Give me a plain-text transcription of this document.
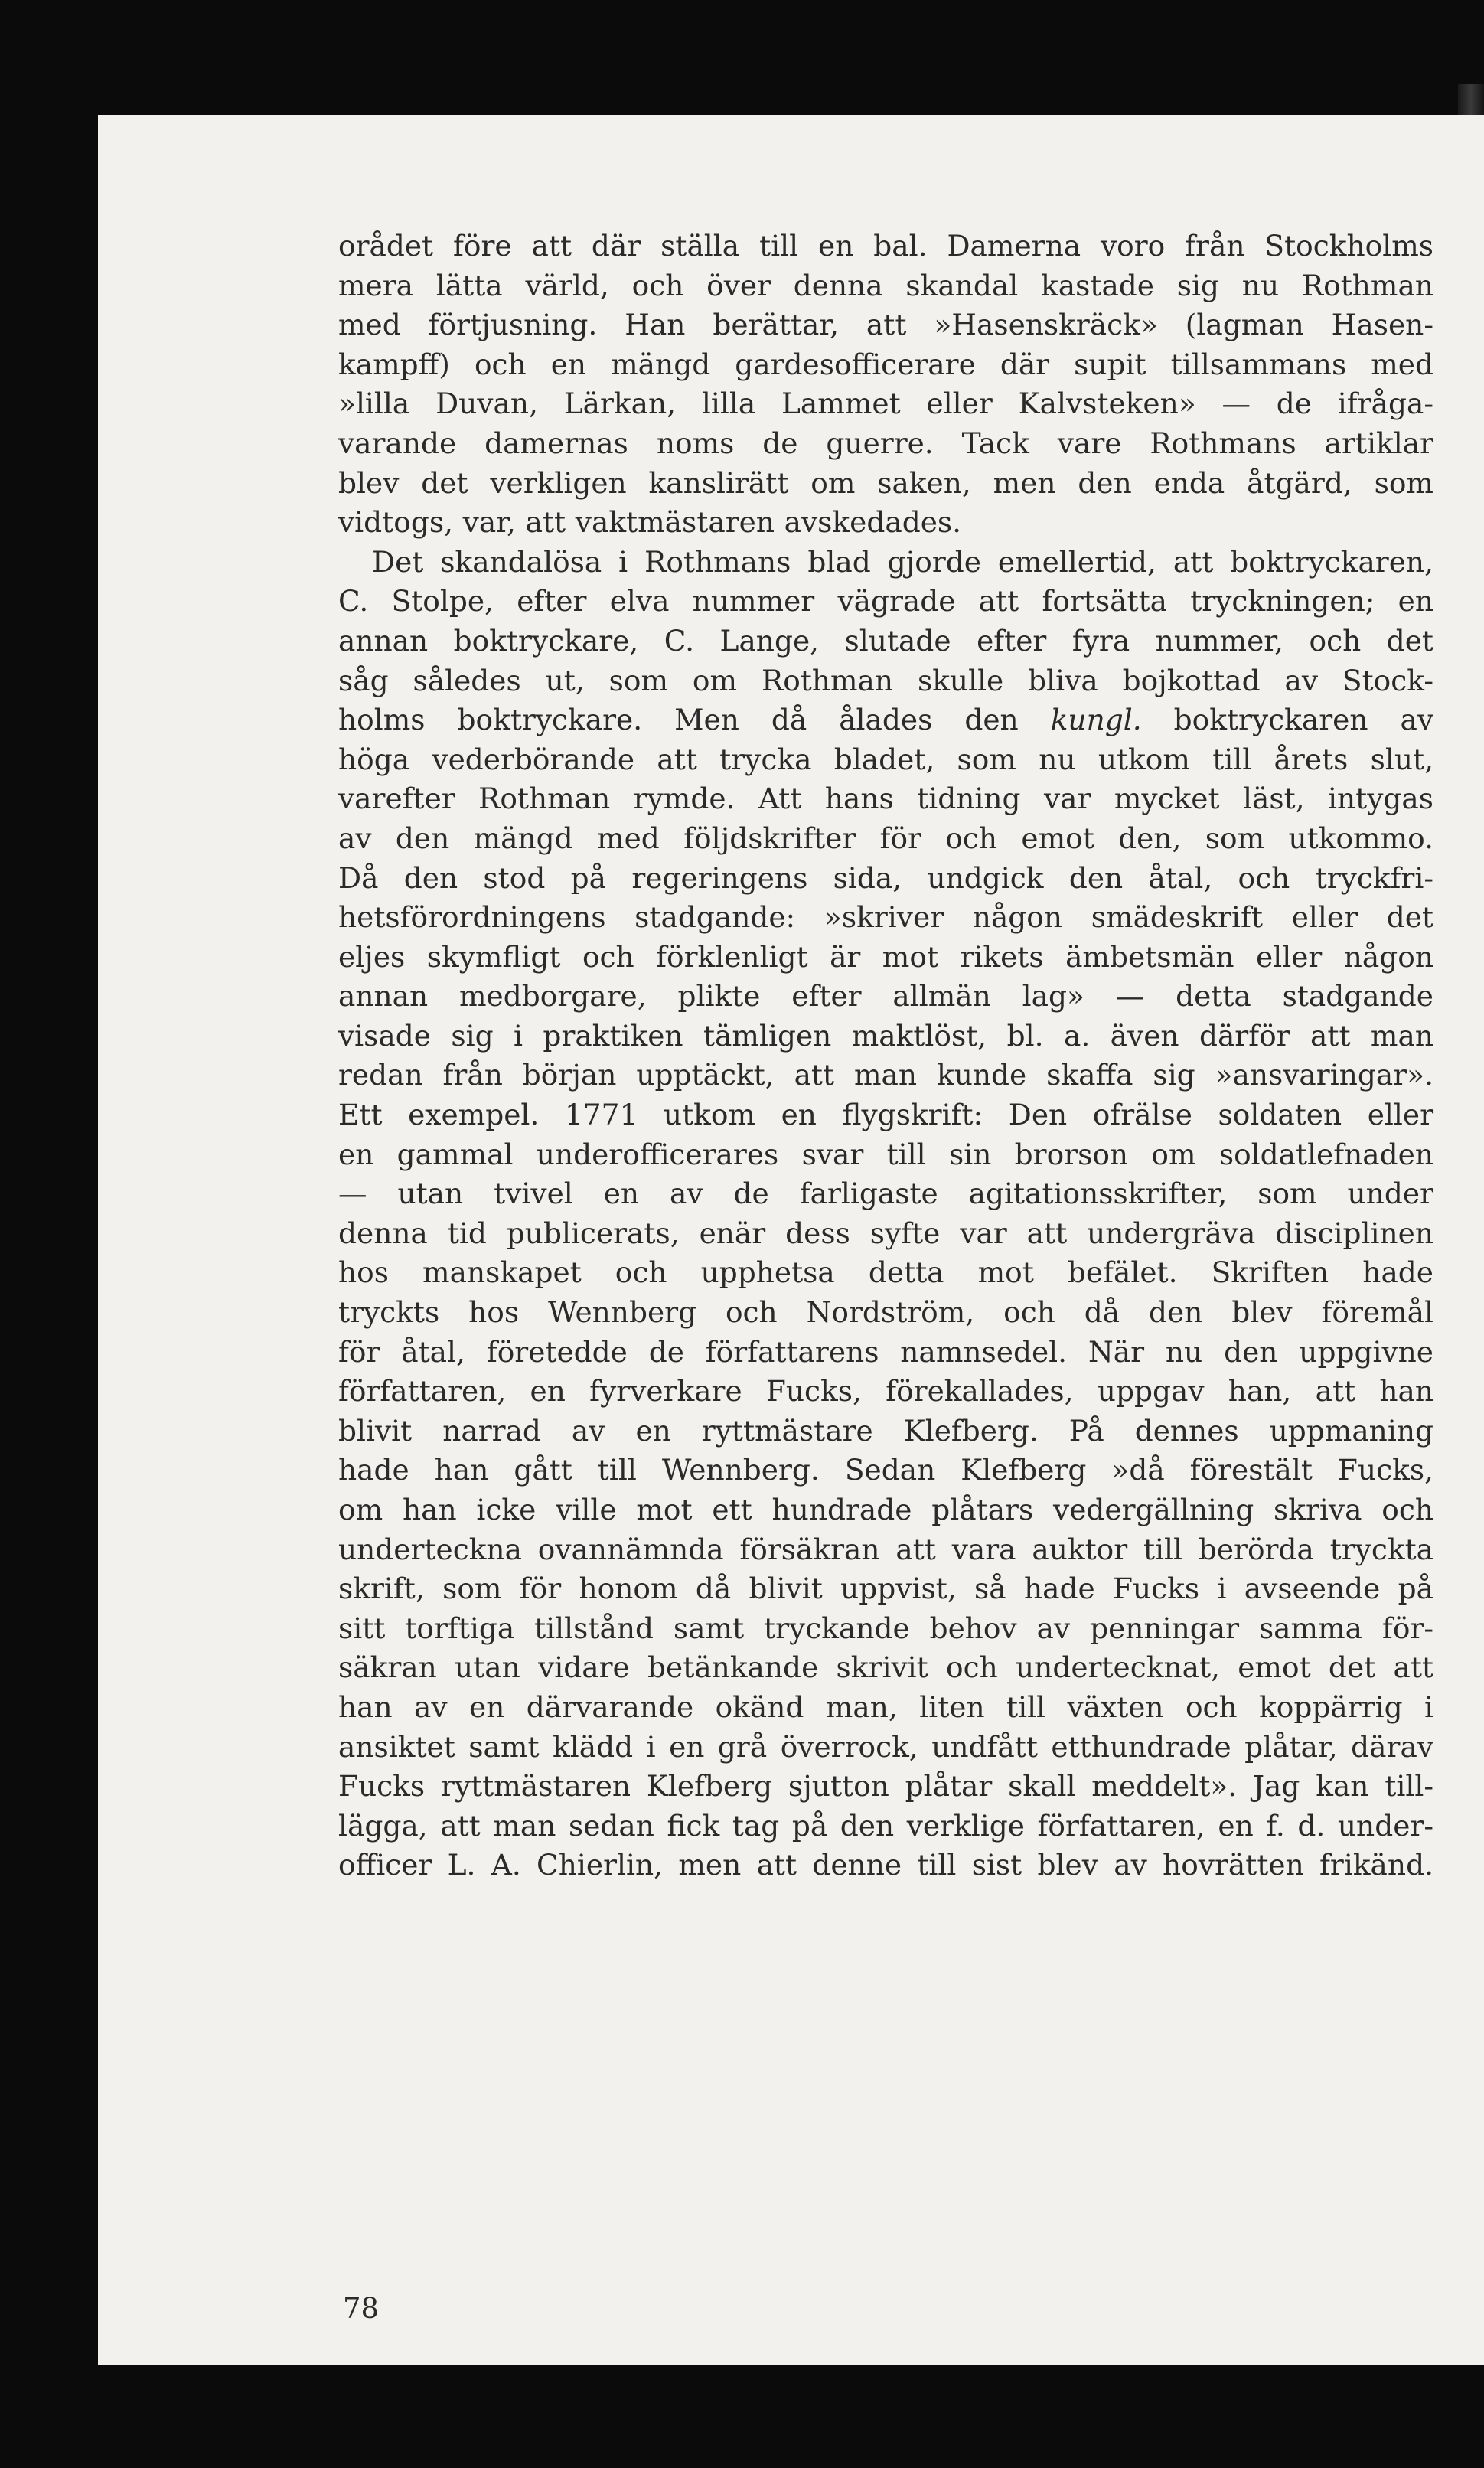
orådet före att där ställa till en bal. Damerna voro från Stockholms
mera lätta värld, och över denna skandal kastade sig nu Rothman
med förtjusning. Han berättar, att »Hasenskräck» (lagman Hasen-
kampff) och en mängd gardesofficerare där supit tillsammans med
»lilla Duvan, Lärkan, lilla Lammet eller Kalvsteken» — de ifråga-
varande damernas noms de guerre. Tack vare Rothmans artiklar
blev det verkligen kanslirätt om saken, men den enda åtgärd, som
vidtogs, var, att vaktmästaren avskedades.
Det skandalösa i Rothmans blad gjorde emellertid, att boktryckaren,
C. Stolpe, efter elva nummer vägrade att fortsätta tryckningen; en
annan boktryckare, C. Lange, slutade efter fyra nummer, och det
såg således ut, som om Rothman skulle bliva bojkottad av Stock-
holms boktryckare. Men då ålades den kungl. boktryckaren av
höga vederbörande att trycka bladet, som nu utkom till årets slut,
varefter Rothman rymde. Att hans tidning var mycket läst, intygas
av den mängd med följdskrifter för och emot den, som utkommo.
Då den stod på regeringens sida, undgick den åtal, och tryckfri-
hetsförordningens stadgande: »skriver någon smädeskrift eller det
eljes skymfligt och förklenligt är mot rikets ämbetsmän eller någon
annan medborgare, plikte efter allmän lag» — detta stadgande
visade sig i praktiken tämligen maktlöst, bl. a. även därför att man
redan från början upptäckt, att man kunde skaffa sig »ansvaringar».
Ett exempel. 1771 utkom en flygskrift: Den ofrälse soldaten eller
en gammal underofficerares svar till sin brorson om soldatlefnaden
— utan tvivel en av de farligaste agitationsskrifter, som under
denna tid publicerats, enär dess syfte var att undergräva disciplinen
hos manskapet och upphetsa detta mot befälet. Skriften hade
tryckts hos Wennberg och Nordström, och då den blev föremål
för åtal, företedde de författarens namnsedel. När nu den uppgivne
författaren, en fyrverkare Fucks, förekallades, uppgav han, att han
blivit narrad av en ryttmästare Klefberg. På dennes uppmaning
hade han gått till Wennberg. Sedan Klefberg »då förestält Fucks,
om han icke ville mot ett hundrade plåtars vedergällning skriva och
underteckna ovannämnda försäkran att vara auktor till berörda tryckta
skrift, som för honom då blivit uppvist, så hade Fucks i avseende på
sitt torftiga tillstånd samt tryckande behov av penningar samma för-
säkran utan vidare betänkande skrivit och undertecknat, emot det att
han av en därvarande okänd man, liten till växten och koppärrig i
ansiktet samt klädd i en grå överrock, undfått etthundrade plåtar, därav
Fucks ryttmästaren Klefberg sjutton plåtar skall meddelt». Jag kan till-
lägga, att man sedan fick tag på den verklige författaren, en f. d. under-
officer L. A. Chierlin, men att denne till sist blev av hovrätten frikänd.
78
